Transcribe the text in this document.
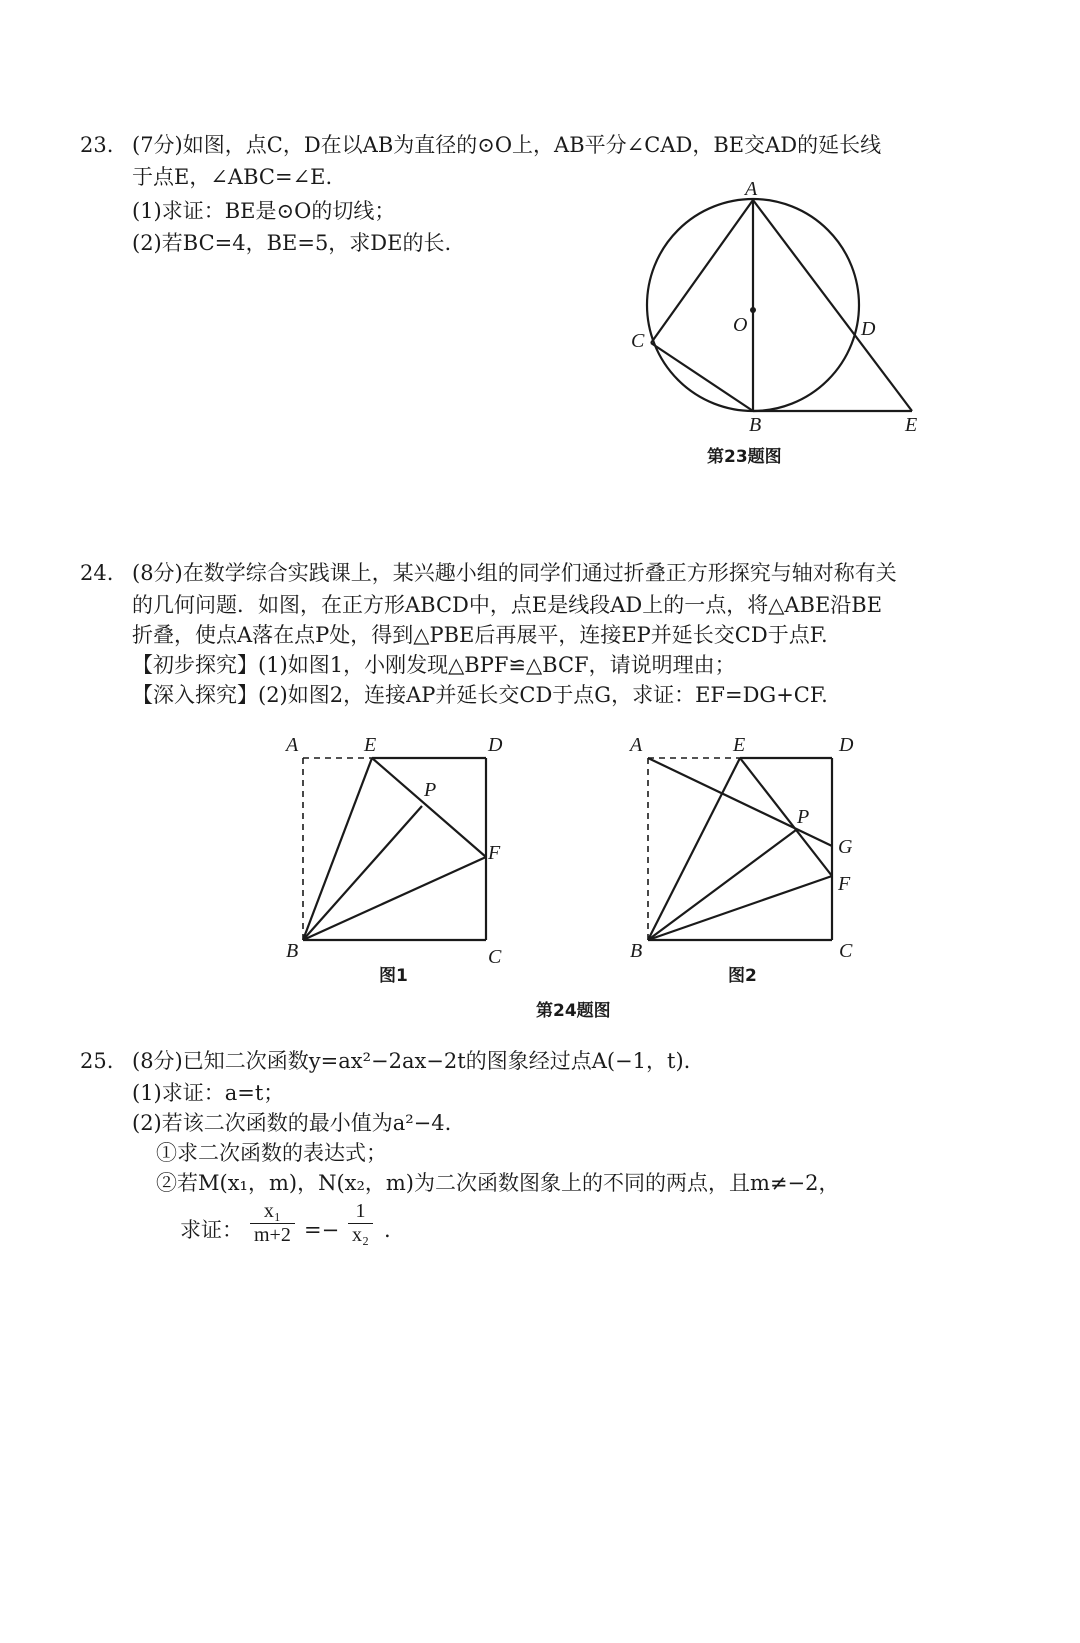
23. (7分)如图，点C，D在以AB为直径的⊙O上，AB平分∠CAD，BE交AD的延长线
于点E，∠ABC=∠E.
(1)求证：BE是⊙O的切线；
(2)若BC=4，BE=5，求DE的长.
A
O
C
D
B	E
第23题图
24. (8分)在数学综合实践课上，某兴趣小组的同学们通过折叠正方形探究与轴对称有关
的几何问题．如图，在正方形ABCD中，点E是线段AD上的一点，将△ABE沿BE
折叠，使点A落在点P处，得到△PBE后再展平，连接EP并延长交CD于点F.
【初步探究】(1)如图1，小刚发现△BPF≌△BCF，请说明理由；
【深入探究】(2)如图2，连接AP并延长交CD于点G，求证：EF=DG+CF.
A	E	D
P
F
B	C
图1
A	E	D
P
G
F
B	C
图2
第24题图
25. (8分)已知二次函数y=ax²−2ax−2t的图象经过点A(−1，t).
(1)求证：a=t；
(2)若该二次函数的最小值为a²−4.
①求二次函数的表达式；
②若M(x₁，m)，N(x₂，m)为二次函数图象上的不同的两点，且m≠−2，
求证： $\frac{\text{x₁}}{m+2} =- \frac{1}{\text{x₂}}$ .
